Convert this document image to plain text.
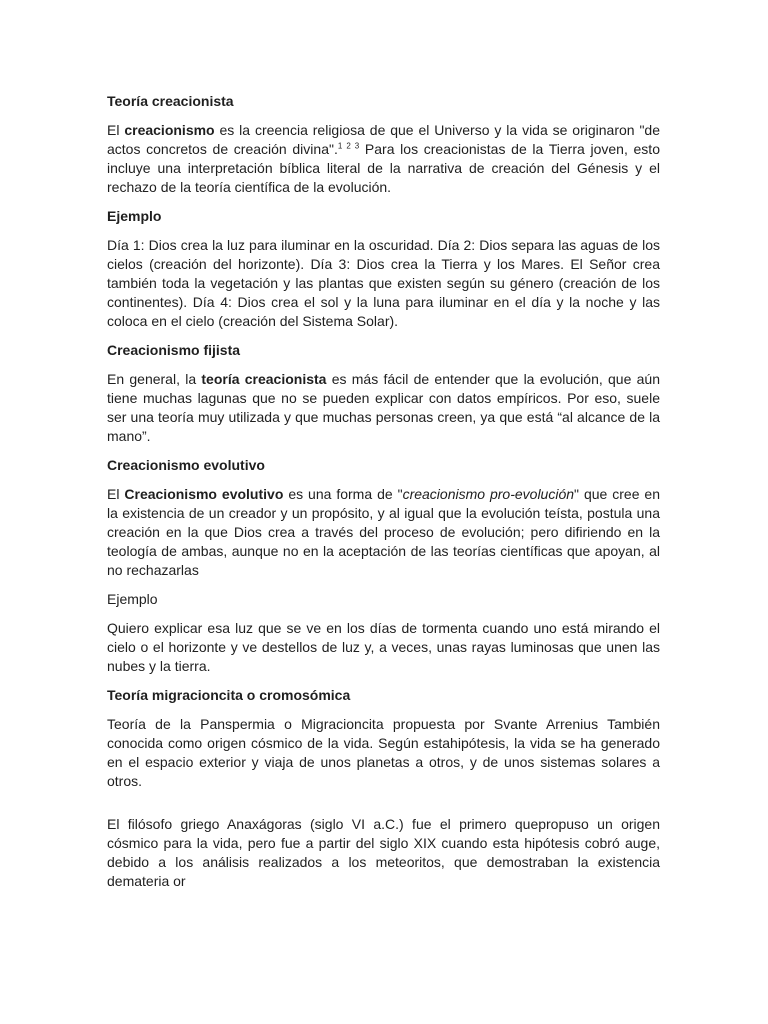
Teoría creacionista

El creacionismo es la creencia religiosa de que el Universo y la vida se originaron "de actos concretos de creación divina".$^{1 2 3}$ Para los creacionistas de la Tierra joven, esto incluye una interpretación bíblica literal de la narrativa de creación del Génesis y el rechazo de la teoría científica de la evolución.

Ejemplo

Día 1: Dios crea la luz para iluminar en la oscuridad. Día 2: Dios separa las aguas de los cielos (creación del horizonte). Día 3: Dios crea la Tierra y los Mares. El Señor crea también toda la vegetación y las plantas que existen según su género (creación de los continentes). Día 4: Dios crea el sol y la luna para iluminar en el día y la noche y las coloca en el cielo (creación del Sistema Solar).

Creacionismo fijista

En general, la teoría creacionista es más fácil de entender que la evolución, que aún tiene muchas lagunas que no se pueden explicar con datos empíricos. Por eso, suele ser una teoría muy utilizada y que muchas personas creen, ya que está “al alcance de la mano”.

Creacionismo evolutivo

El Creacionismo evolutivo es una forma de "creacionismo pro-evolución" que cree en la existencia de un creador y un propósito, y al igual que la evolución teísta, postula una creación en la que Dios crea a través del proceso de evolución; pero difiriendo en la teología de ambas, aunque no en la aceptación de las teorías científicas que apoyan, al no rechazarlas

Ejemplo

Quiero explicar esa luz que se ve en los días de tormenta cuando uno está mirando el cielo o el horizonte y ve destellos de luz y, a veces, unas rayas luminosas que unen las nubes y la tierra.

Teoría migracioncita o cromosómica

Teoría de la Panspermia o Migracioncita propuesta por Svante Arrenius También conocida como origen cósmico de la vida. Según estahipótesis, la vida se ha generado en el espacio exterior y viaja de unos planetas a otros, y de unos sistemas solares a otros.

El filósofo griego Anaxágoras (siglo VI a.C.) fue el primero quepropuso un origen cósmico para la vida, pero fue a partir del siglo XIX cuando esta hipótesis cobró auge, debido a los análisis realizados a los meteoritos, que demostraban la existencia demateria or
